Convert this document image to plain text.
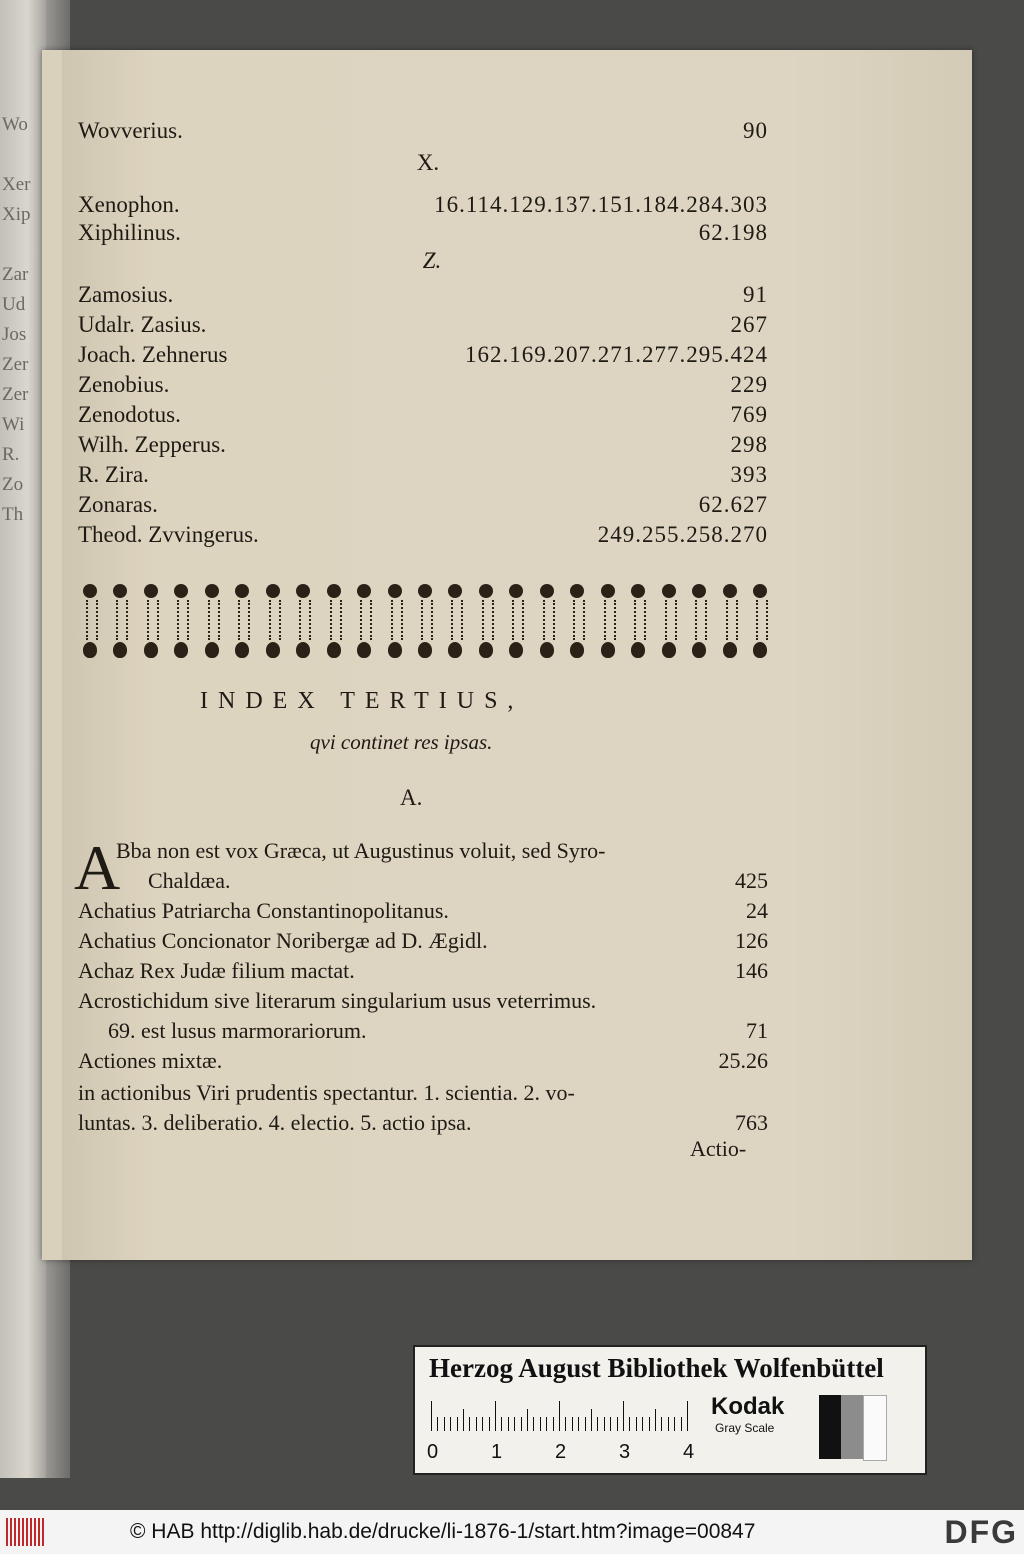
Wo
Xer
Xip
Zar
Ud
Jos
Zer
Zer
Wi
R.
Zo
Th
Wovverius.	90
Xenophon.	16.114.129.137.151.184.284.303
Xiphilinus.	62.198
Zamosius.	91
Udalr. Zasius.	267
Joach. Zehnerus	162.169.207.271.277.295.424
Zenobius.	229
Zenodotus.	769
Wilh. Zepperus.	298
R. Zira.	393
Zonaras.	62.627
Theod. Zvvingerus.	249.255.258.270
X.
Z.
INDEX TERTIUS,
qvi continet res ipsas.
A.
A
Bba non est vox Græca, ut Augustinus voluit, sed Syro-
Chaldæa.	425
Achatius Patriarcha Constantinopolitanus.	24
Achatius Concionator Noribergæ ad D. Ægidl.	126
Achaz Rex Judæ filium mactat.	146
Acrostichidum sive literarum singularium usus veterrimus.
69. est lusus marmorariorum.	71
Actiones mixtæ.	25.26
in actionibus Viri prudentis spectantur. 1. scientia. 2. vo-
luntas. 3. deliberatio. 4. electio. 5. actio ipsa.	763
Actio-
Herzog August Bibliothek Wolfenbüttel
0	1	2	3	4
Kodak
Gray Scale
© HAB http://diglib.hab.de/drucke/li-1876-1/start.htm?image=00847	DFG
